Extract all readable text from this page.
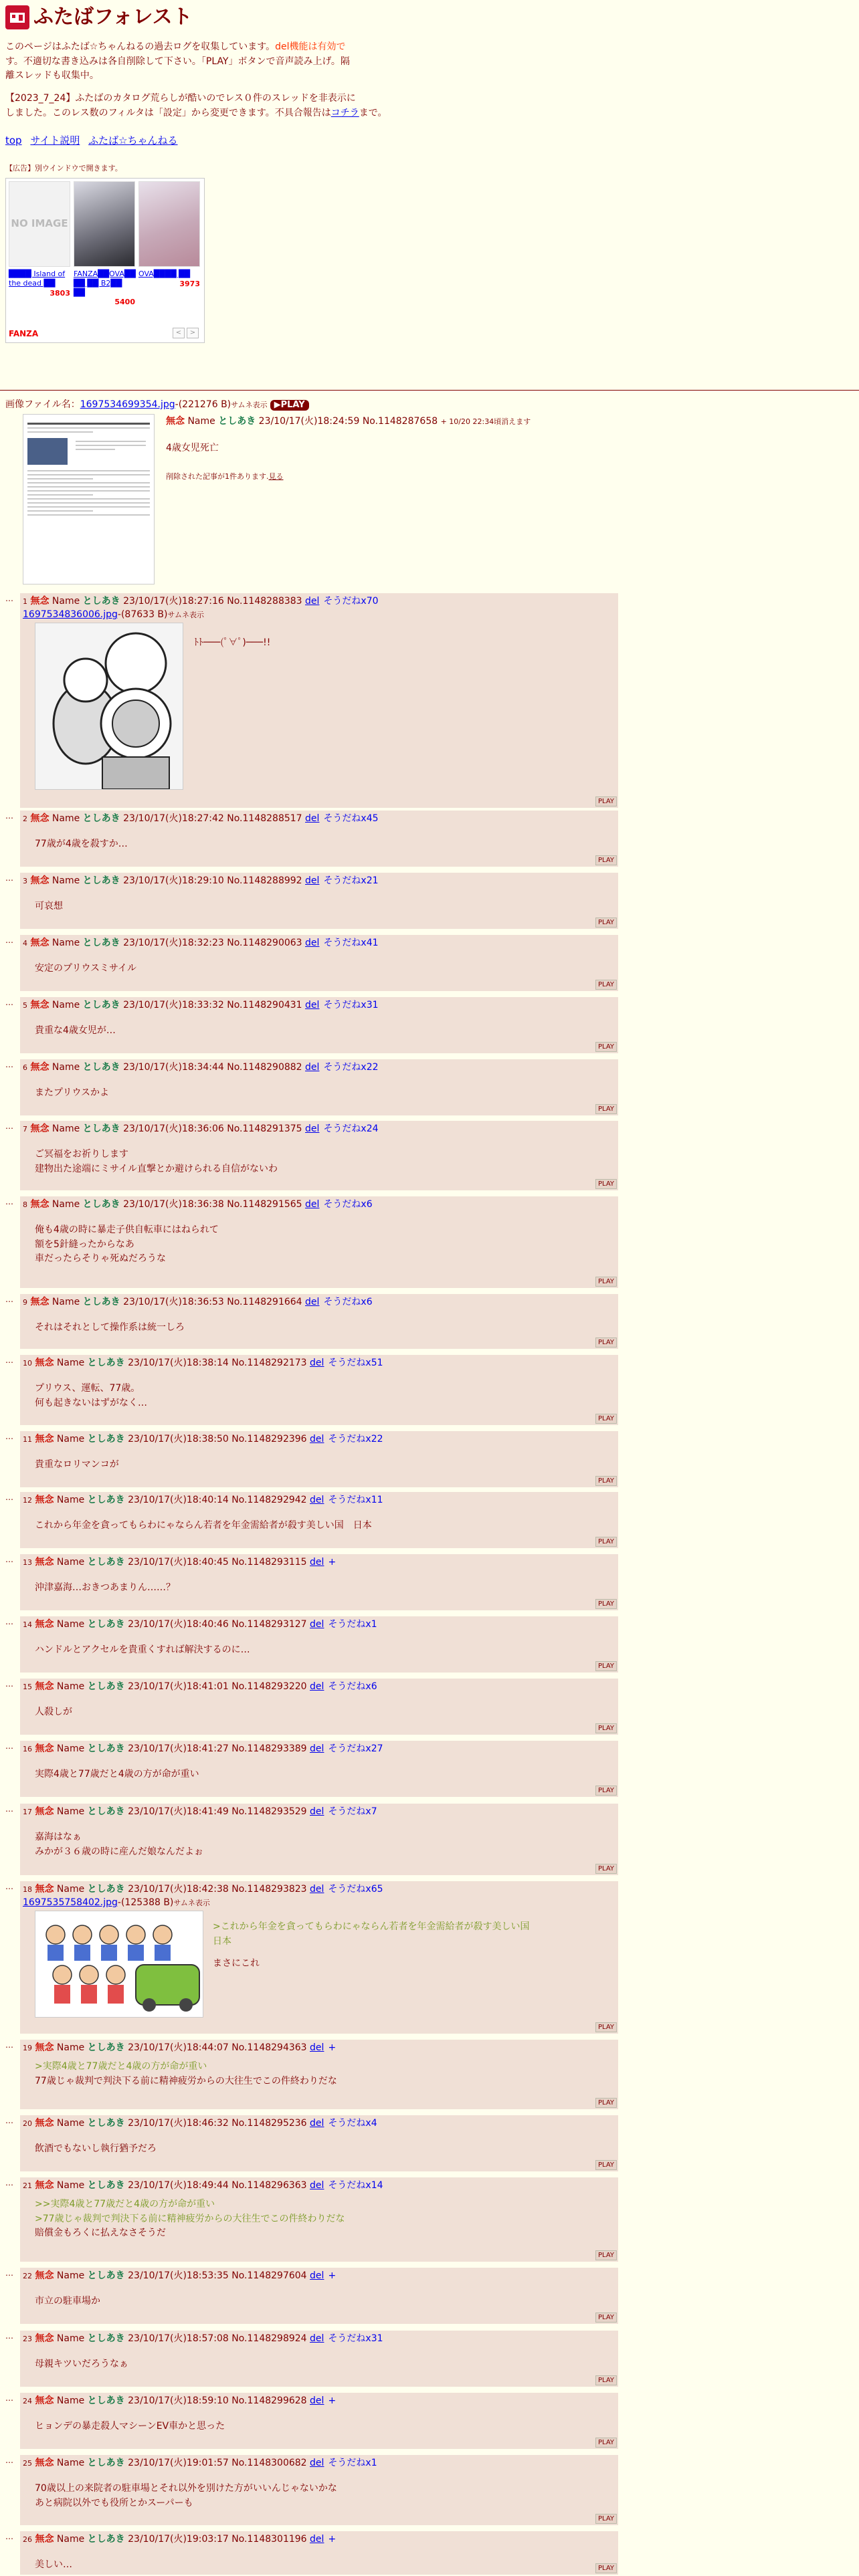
ふたばフォレスト

このページはふたば☆ちゃんねるの過去ログを収集しています。del機能は有効で
す。不適切な書き込みは各自削除して下さい。「PLAY」ボタンで音声読み上げ。隔
離スレッドも収集中。

【2023_7_24】ふたばのカタログ荒らしが酷いのでレス０件のスレッドを非表示に
しました。このレス数のフィルタは「設定」から変更できます。不具合報告はコチラまで。

top サイト説明 ふたば☆ちゃんねる
【広告】別ウインドウで開きます。
NO IMAGE
████ Island of the dead ██
3803
FANZA██OVA██ ██ ██ B2██ ██
5400
OVA████ ██
3973
FANZA	<	>
画像ファイル名：1697534699354.jpg-(221276 B)サムネ表示 ▶PLAY
無念 Name としあき 23/10/17(火)18:24:59 No.1148287658 + 10/20 22:34頃消えます
4歳女児死亡
削除された記事が1件あります.見る
… 1 無念 Name としあき 23/10/17(火)18:27:16 No.1148288383 del そうだねx70
1697534836006.jpg-(87633 B)サムネ表示
ﾄﾄ───(ﾟ∀ﾟ)───!!
PLAY
… 2 無念 Name としあき 23/10/17(火)18:27:42 No.1148288517 del そうだねx45
77歳が4歳を殺すか…
PLAY
… 3 無念 Name としあき 23/10/17(火)18:29:10 No.1148288992 del そうだねx21
可哀想
PLAY
… 4 無念 Name としあき 23/10/17(火)18:32:23 No.1148290063 del そうだねx41
安定のプリウスミサイル
PLAY
… 5 無念 Name としあき 23/10/17(火)18:33:32 No.1148290431 del そうだねx31
貴重な4歳女児が…
PLAY
… 6 無念 Name としあき 23/10/17(火)18:34:44 No.1148290882 del そうだねx22
またプリウスかよ
PLAY
… 7 無念 Name としあき 23/10/17(火)18:36:06 No.1148291375 del そうだねx24
ご冥福をお祈りします
建物出た途端にミサイル直撃とか避けられる自信がないわ
PLAY
… 8 無念 Name としあき 23/10/17(火)18:36:38 No.1148291565 del そうだねx6
俺も4歳の時に暴走子供自転車にはねられて
額を5針縫ったからなあ
車だったらそりゃ死ぬだろうな
PLAY
… 9 無念 Name としあき 23/10/17(火)18:36:53 No.1148291664 del そうだねx6
それはそれとして操作系は統一しろ
PLAY
… 10 無念 Name としあき 23/10/17(火)18:38:14 No.1148292173 del そうだねx51
プリウス、運転、77歳。
何も起きないはずがなく…
PLAY
… 11 無念 Name としあき 23/10/17(火)18:38:50 No.1148292396 del そうだねx22
貴重なロリマンコが
PLAY
… 12 無念 Name としあき 23/10/17(火)18:40:14 No.1148292942 del そうだねx11
これから年金を貪ってもらわにゃならん若者を年金需給者が殺す美しい国　日本
PLAY
… 13 無念 Name としあき 23/10/17(火)18:40:45 No.1148293115 del +
沖津嘉海…おきつあまりん……？
PLAY
… 14 無念 Name としあき 23/10/17(火)18:40:46 No.1148293127 del そうだねx1
ハンドルとアクセルを貴重くすれば解決するのに…
PLAY
… 15 無念 Name としあき 23/10/17(火)18:41:01 No.1148293220 del そうだねx6
人殺しが
PLAY
… 16 無念 Name としあき 23/10/17(火)18:41:27 No.1148293389 del そうだねx27
実際4歳と77歳だと4歳の方が命が重い
PLAY
… 17 無念 Name としあき 23/10/17(火)18:41:49 No.1148293529 del そうだねx7
嘉海はなぁ
みかが３６歳の時に産んだ娘なんだよぉ
PLAY
… 18 無念 Name としあき 23/10/17(火)18:42:38 No.1148293823 del そうだねx65
1697535758402.jpg-(125388 B)サムネ表示
>これから年金を貪ってもらわにゃならん若者を年金需給者が殺す美しい国
日本
まさにこれ
PLAY
… 19 無念 Name としあき 23/10/17(火)18:44:07 No.1148294363 del +
>実際4歳と77歳だと4歳の方が命が重い
77歳じゃ裁判で判決下る前に精神疲労からの大往生でこの件終わりだな
PLAY
… 20 無念 Name としあき 23/10/17(火)18:46:32 No.1148295236 del そうだねx4
飲酒でもないし執行猶予だろ
PLAY
… 21 無念 Name としあき 23/10/17(火)18:49:44 No.1148296363 del そうだねx14
>>実際4歳と77歳だと4歳の方が命が重い
>77歳じゃ裁判で判決下る前に精神疲労からの大往生でこの件終わりだな
賠償金もろくに払えなさそうだ
PLAY
… 22 無念 Name としあき 23/10/17(火)18:53:35 No.1148297604 del +
市立の駐車場か
PLAY
… 23 無念 Name としあき 23/10/17(火)18:57:08 No.1148298924 del そうだねx31
母親キツいだろうなぁ
PLAY
… 24 無念 Name としあき 23/10/17(火)18:59:10 No.1148299628 del +
ヒョンデの暴走殺人マシーンEV車かと思った
PLAY
… 25 無念 Name としあき 23/10/17(火)19:01:57 No.1148300682 del そうだねx1
70歳以上の来院者の駐車場とそれ以外を別けた方がいいんじゃないかな
あと病院以外でも役所とかスーパーも
PLAY
… 26 無念 Name としあき 23/10/17(火)19:03:17 No.1148301196 del +
美しい…	PLAY
